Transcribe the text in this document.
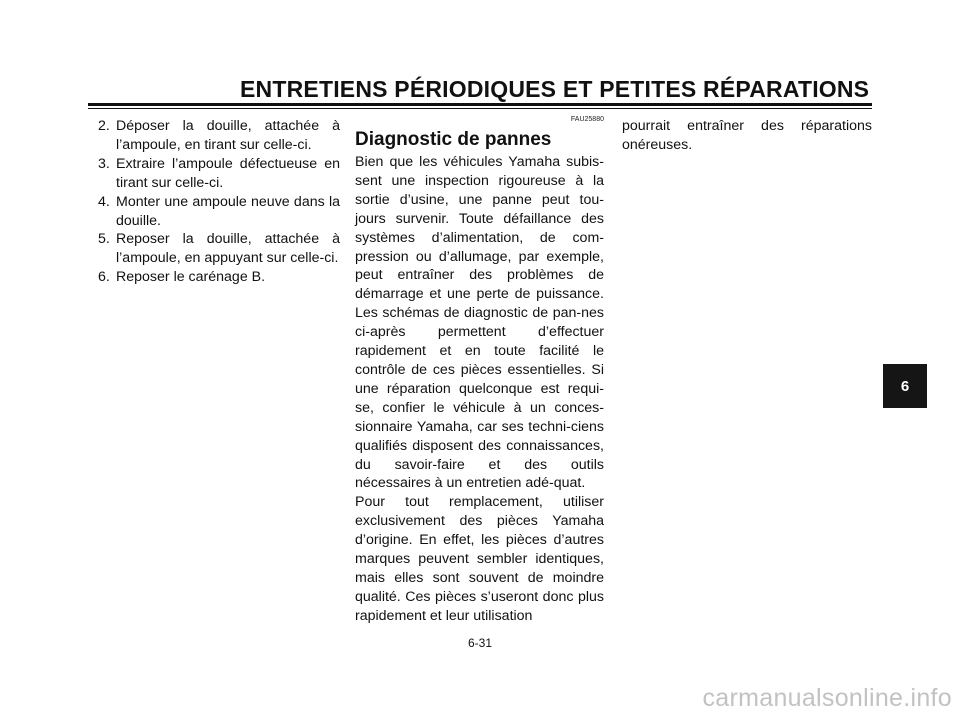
ENTRETIENS PÉRIODIQUES ET PETITES RÉPARATIONS
2. Déposer la douille, attachée à l’ampoule, en tirant sur celle-ci.
3. Extraire l’ampoule défectueuse en tirant sur celle-ci.
4. Monter une ampoule neuve dans la douille.
5. Reposer la douille, attachée à l’ampoule, en appuyant sur celle-ci.
6. Reposer le carénage B.
FAU25880
Diagnostic de pannes

Bien que les véhicules Yamaha subis-sent une inspection rigoureuse à la sortie d’usine, une panne peut tou-jours survenir. Toute défaillance des systèmes d’alimentation, de com-pression ou d’allumage, par exemple, peut entraîner des problèmes de démarrage et une perte de puissance. Les schémas de diagnostic de pan-nes ci-après permettent d’effectuer rapidement et en toute facilité le contrôle de ces pièces essentielles. Si une réparation quelconque est requi-se, confier le véhicule à un conces-sionnaire Yamaha, car ses techni-ciens qualifiés disposent des connaissances, du savoir-faire et des outils nécessaires à un entretien adé-quat.

Pour tout remplacement, utiliser exclusivement des pièces Yamaha d’origine. En effet, les pièces d’autres marques peuvent sembler identiques, mais elles sont souvent de moindre qualité. Ces pièces s’useront donc plus rapidement et leur utilisation

pourrait entraîner des réparations onéreuses.

6
6-31
carmanualsonline.info
